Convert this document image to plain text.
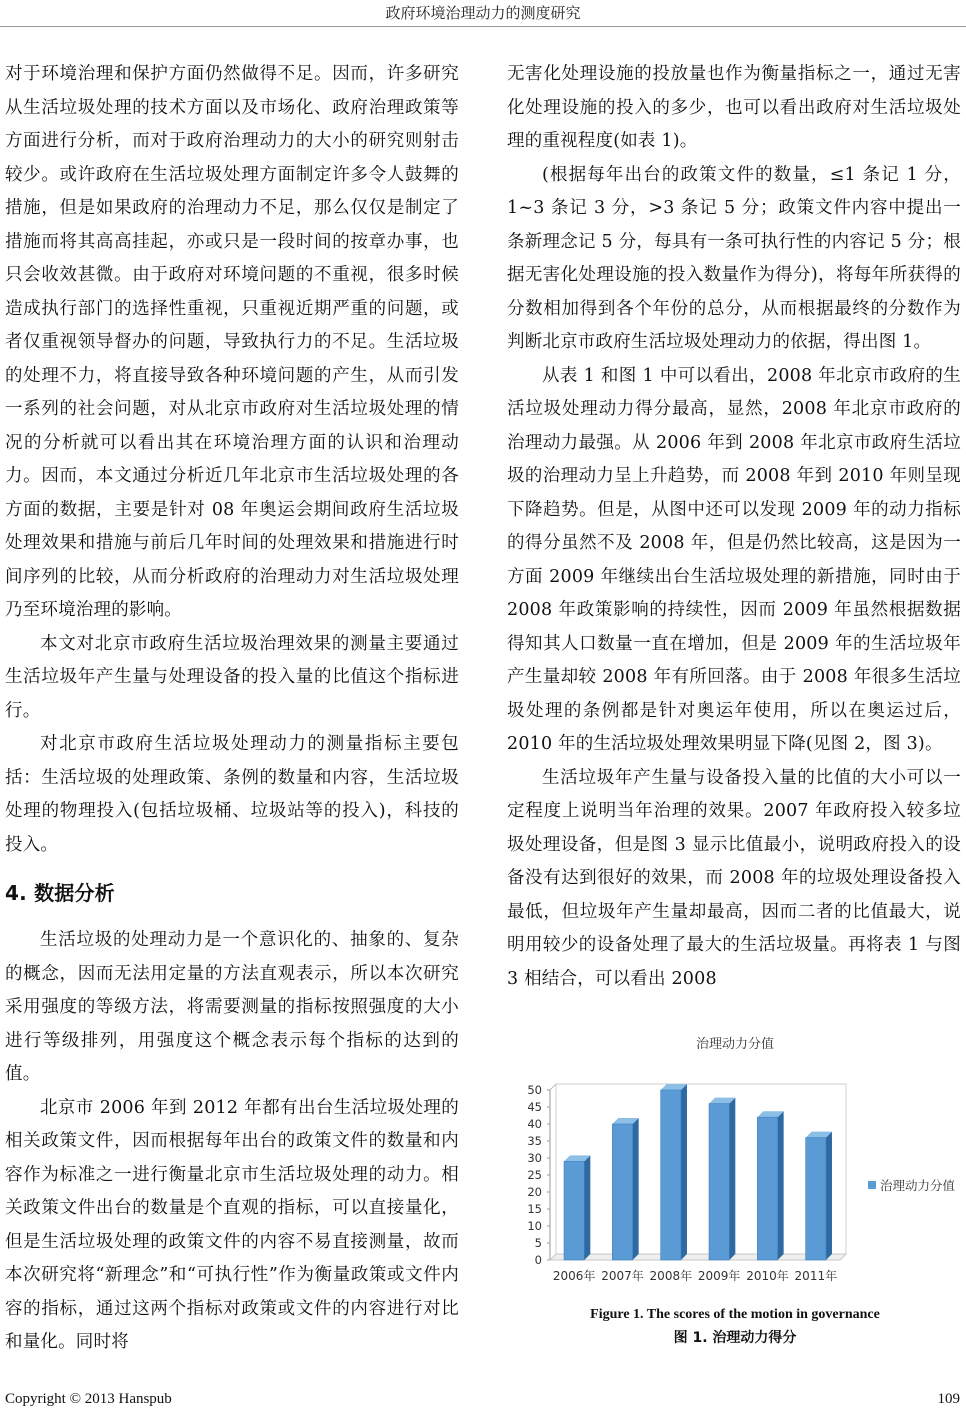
政府环境治理动力的测度研究

对于环境治理和保护方面仍然做得不足。因而，许多研究从生活垃圾处理的技术方面以及市场化、政府治理政策等方面进行分析，而对于政府治理动力的大小的研究则射击较少。或许政府在生活垃圾处理方面制定许多令人鼓舞的措施，但是如果政府的治理动力不足，那么仅仅是制定了措施而将其高高挂起，亦或只是一段时间的按章办事，也只会收效甚微。由于政府对环境问题的不重视，很多时候造成执行部门的选择性重视，只重视近期严重的问题，或者仅重视领导督办的问题，导致执行力的不足。生活垃圾的处理不力，将直接导致各种环境问题的产生，从而引发一系列的社会问题，对从北京市政府对生活垃圾处理的情况的分析就可以看出其在环境治理方面的认识和治理动力。因而，本文通过分析近几年北京市生活垃圾处理的各方面的数据，主要是针对 08 年奥运会期间政府生活垃圾处理效果和措施与前后几年时间的处理效果和措施进行时间序列的比较，从而分析政府的治理动力对生活垃圾处理乃至环境治理的影响。

本文对北京市政府生活垃圾治理效果的测量主要通过生活垃圾年产生量与处理设备的投入量的比值这个指标进行。

对北京市政府生活垃圾处理动力的测量指标主要包括：生活垃圾的处理政策、条例的数量和内容，生活垃圾处理的物理投入(包括垃圾桶、垃圾站等的投入)，科技的投入。

4. 数据分析

生活垃圾的处理动力是一个意识化的、抽象的、复杂的概念，因而无法用定量的方法直观表示，所以本次研究采用强度的等级方法，将需要测量的指标按照强度的大小进行等级排列，用强度这个概念表示每个指标的达到的值。

北京市 2006 年到 2012 年都有出台生活垃圾处理的相关政策文件，因而根据每年出台的政策文件的数量和内容作为标准之一进行衡量北京市生活垃圾处理的动力。相关政策文件出台的数量是个直观的指标，可以直接量化，但是生活垃圾处理的政策文件的内容不易直接测量，故而本次研究将“新理念”和“可执行性”作为衡量政策或文件内容的指标，通过这两个指标对政策或文件的内容进行对比和量化。同时将

无害化处理设施的投放量也作为衡量指标之一，通过无害化处理设施的投入的多少，也可以看出政府对生活垃圾处理的重视程度(如表 1)。

(根据每年出台的政策文件的数量，≤1 条记 1 分，1~3 条记 3 分，>3 条记 5 分；政策文件内容中提出一条新理念记 5 分，每具有一条可执行性的内容记 5 分；根据无害化处理设施的投入数量作为得分)，将每年所获得的分数相加得到各个年份的总分，从而根据最终的分数作为判断北京市政府生活垃圾处理动力的依据，得出图 1。

从表 1 和图 1 中可以看出，2008 年北京市政府的生活垃圾处理动力得分最高，显然，2008 年北京市政府的治理动力最强。从 2006 年到 2008 年北京市政府生活垃圾的治理动力呈上升趋势，而 2008 年到 2010 年则呈现下降趋势。但是，从图中还可以发现 2009 年的动力指标的得分虽然不及 2008 年，但是仍然比较高，这是因为一方面 2009 年继续出台生活垃圾处理的新措施，同时由于 2008 年政策影响的持续性，因而 2009 年虽然根据数据得知其人口数量一直在增加，但是 2009 年的生活垃圾年产生量却较 2008 年有所回落。由于 2008 年很多生活垃圾处理的条例都是针对奥运年使用，所以在奥运过后，2010 年的生活垃圾处理效果明显下降(见图 2，图 3)。

生活垃圾年产生量与设备投入量的比值的大小可以一定程度上说明当年治理的效果。2007 年政府投入较多垃圾处理设备，但是图 3 显示比值最小，说明政府投入的设备没有达到很好的效果，而 2008 年的垃圾处理设备投入最低，但垃圾年产生量却最高，因而二者的比值最大，说明用较少的设备处理了最大的生活垃圾量。再将表 1 与图 3 相结合，可以看出 2008

治理动力分值
0
5
10
15
20
25
30
35
40
45
50
2006年 2007年 2008年 2009年 2010年 2011年
治理动力分值
Figure 1. The scores of the motion in governance
图 1. 治理动力得分
Copyright © 2013 Hanspub	109
